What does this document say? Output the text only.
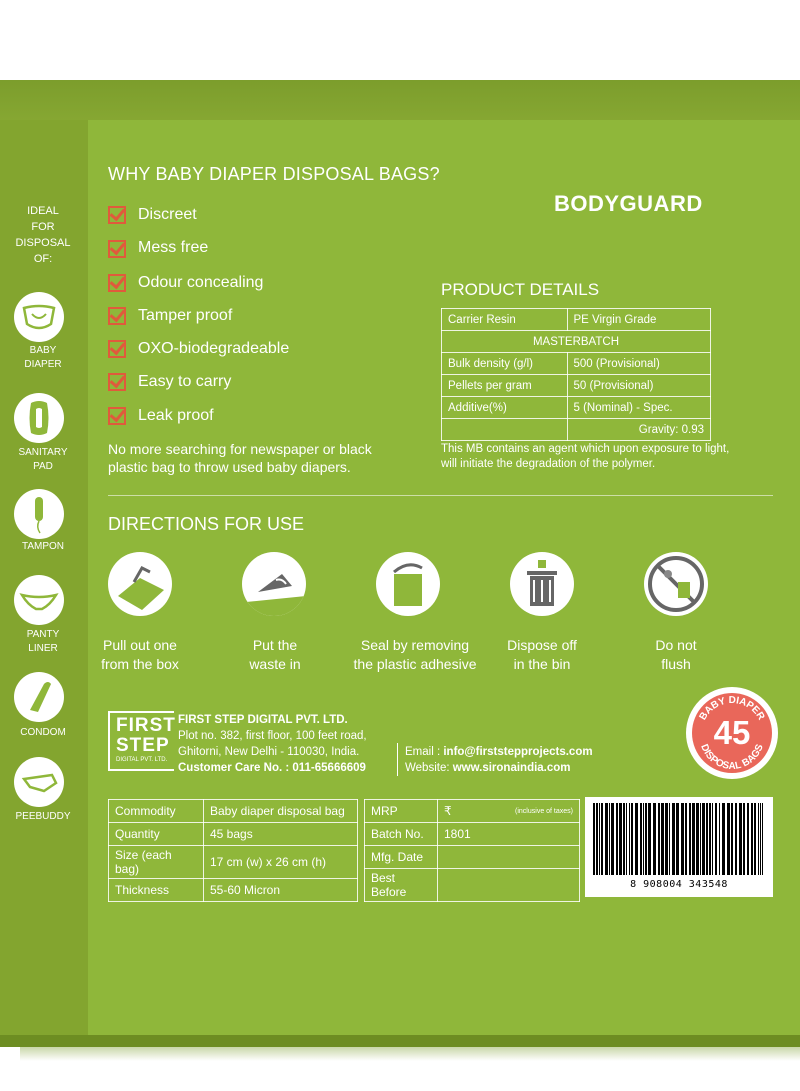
IDEAL
FOR
DISPOSAL
OF:
BABY
DIAPER
SANITARY
PAD
TAMPON
PANTY
LINER
CONDOM
PEEBUDDY
WHY BABY DIAPER DISPOSAL BAGS?
Discreet
Mess free
Odour concealing
Tamper proof
OXO-biodegradeable
Easy to carry
Leak proof
No more searching for newspaper or black plastic bag to throw used baby diapers.
BODYGUARD
PRODUCT DETAILS
Carrier Resin	PE Virgin Grade
MASTERBATCH	
Bulk density (g/l)	500 (Provisional)
Pellets per gram	50 (Provisional)
Additive(%)	5 (Nominal) - Spec.
	Gravity: 0.93
This MB contains an agent which upon exposure to light, will initiate the degradation of the polymer.
DIRECTIONS FOR USE
Pull out one
from the box
Put the
waste in
Seal by removing
the plastic adhesive
Dispose off
in the bin
Do not
flush
FIRST
STEP
DIGITAL PVT. LTD.
FIRST STEP DIGITAL PVT. LTD.
Plot no. 382, first floor, 100 feet road,
Ghitorni, New Delhi - 110030, India.
Customer Care No. : 011-65666609
Email : info@firststepprojects.com
Website: www.sironaindia.com
BABY DIAPER
DISPOSAL BAGS
45
Commodity	Baby diaper disposal bag
Quantity	45 bags
Size (each bag)	17 cm (w) x 26 cm (h)
Thickness	55-60 Micron
MRP	₹ (inclusive of taxes)

Batch No.	1801
Mfg. Date	
Best Before	
8 908004 343548
